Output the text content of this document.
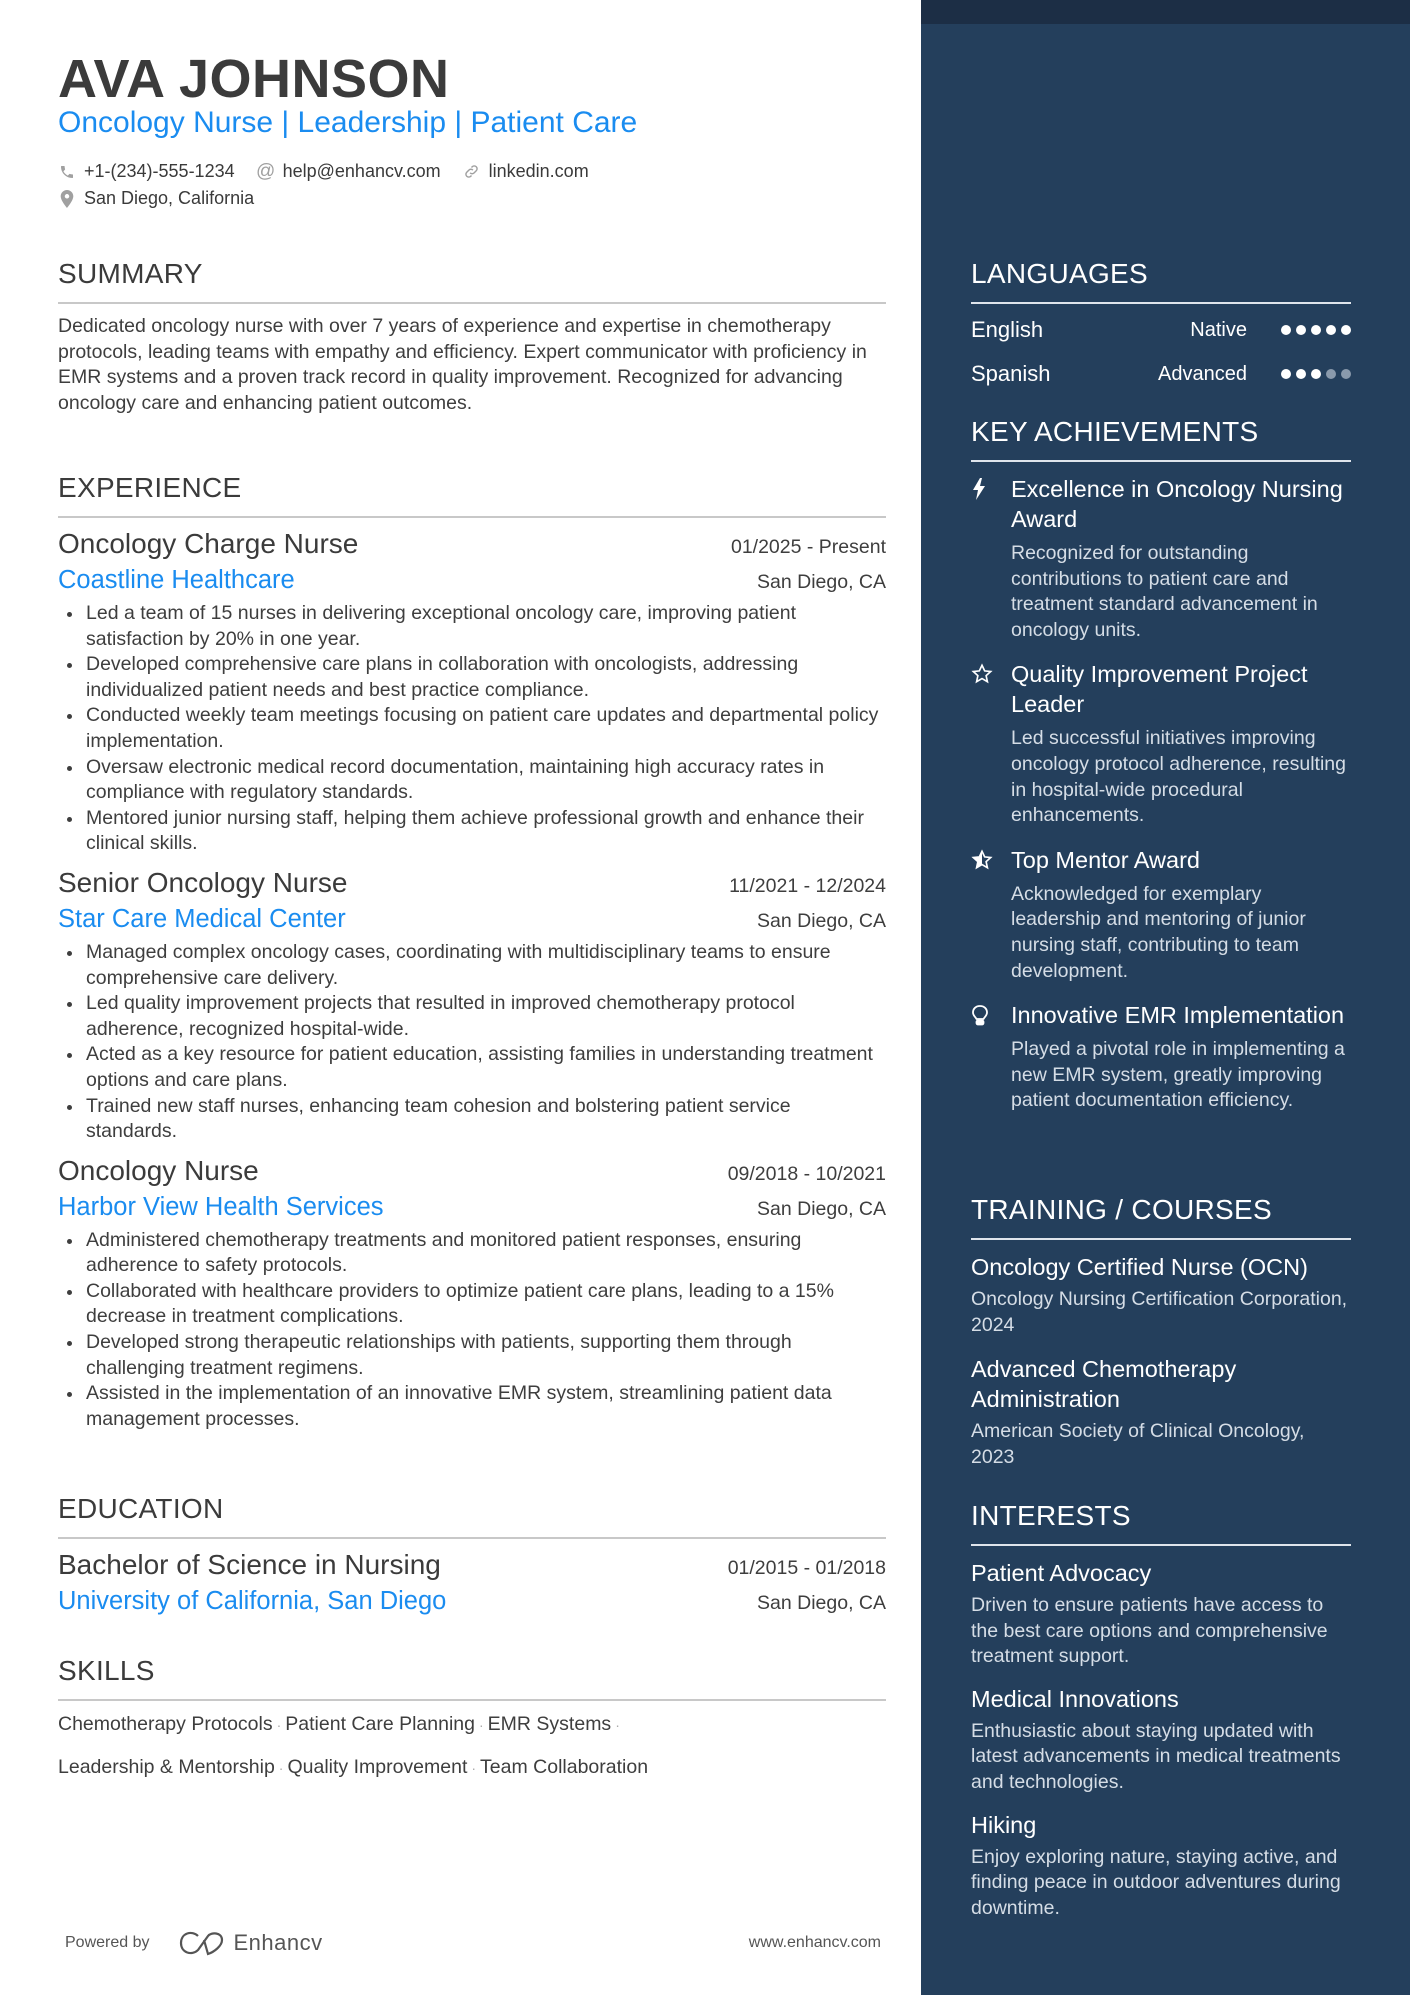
AVA JOHNSON
Oncology Nurse | Leadership | Patient Care
+1-(234)-555-1234 @ help@enhancv.com	linkedin.com
San Diego, California
SUMMARY
Dedicated oncology nurse with over 7 years of experience and expertise in chemotherapy protocols, leading teams with empathy and efficiency. Expert communicator with proficiency in EMR systems and a proven track record in quality improvement. Recognized for advancing oncology care and enhancing patient outcomes.
EXPERIENCE
Oncology Charge Nurse	01/2025 - Present
Coastline Healthcare	San Diego, CA
Led a team of 15 nurses in delivering exceptional oncology care, improving patient satisfaction by 20% in one year.
Developed comprehensive care plans in collaboration with oncologists, addressing individualized patient needs and best practice compliance.
Conducted weekly team meetings focusing on patient care updates and departmental policy implementation.
Oversaw electronic medical record documentation, maintaining high accuracy rates in compliance with regulatory standards.
Mentored junior nursing staff, helping them achieve professional growth and enhance their clinical skills.
Senior Oncology Nurse	11/2021 - 12/2024
Star Care Medical Center	San Diego, CA
Managed complex oncology cases, coordinating with multidisciplinary teams to ensure comprehensive care delivery.
Led quality improvement projects that resulted in improved chemotherapy protocol adherence, recognized hospital-wide.
Acted as a key resource for patient education, assisting families in understanding treatment options and care plans.
Trained new staff nurses, enhancing team cohesion and bolstering patient service standards.
Oncology Nurse	09/2018 - 10/2021
Harbor View Health Services	San Diego, CA
Administered chemotherapy treatments and monitored patient responses, ensuring adherence to safety protocols.
Collaborated with healthcare providers to optimize patient care plans, leading to a 15% decrease in treatment complications.
Developed strong therapeutic relationships with patients, supporting them through challenging treatment regimens.
Assisted in the implementation of an innovative EMR system, streamlining patient data management processes.
EDUCATION
Bachelor of Science in Nursing	01/2015 - 01/2018
University of California, San Diego	San Diego, CA
SKILLS
Chemotherapy Protocols · Patient Care Planning · EMR Systems ·
Leadership & Mentorship · Quality Improvement · Team Collaboration
Powered by	Enhancv	www.enhancv.com
LANGUAGES
English	Native
Spanish	Advanced
KEY ACHIEVEMENTS
Excellence in Oncology Nursing Award
Recognized for outstanding contributions to patient care and treatment standard advancement in oncology units.
Quality Improvement Project Leader
Led successful initiatives improving oncology protocol adherence, resulting in hospital-wide procedural enhancements.
Top Mentor Award
Acknowledged for exemplary leadership and mentoring of junior nursing staff, contributing to team development.
Innovative EMR Implementation
Played a pivotal role in implementing a new EMR system, greatly improving patient documentation efficiency.
TRAINING / COURSES
Oncology Certified Nurse (OCN)
Oncology Nursing Certification Corporation, 2024
Advanced Chemotherapy Administration
American Society of Clinical Oncology, 2023
INTERESTS
Patient Advocacy
Driven to ensure patients have access to the best care options and comprehensive treatment support.
Medical Innovations
Enthusiastic about staying updated with latest advancements in medical treatments and technologies.
Hiking
Enjoy exploring nature, staying active, and finding peace in outdoor adventures during downtime.
